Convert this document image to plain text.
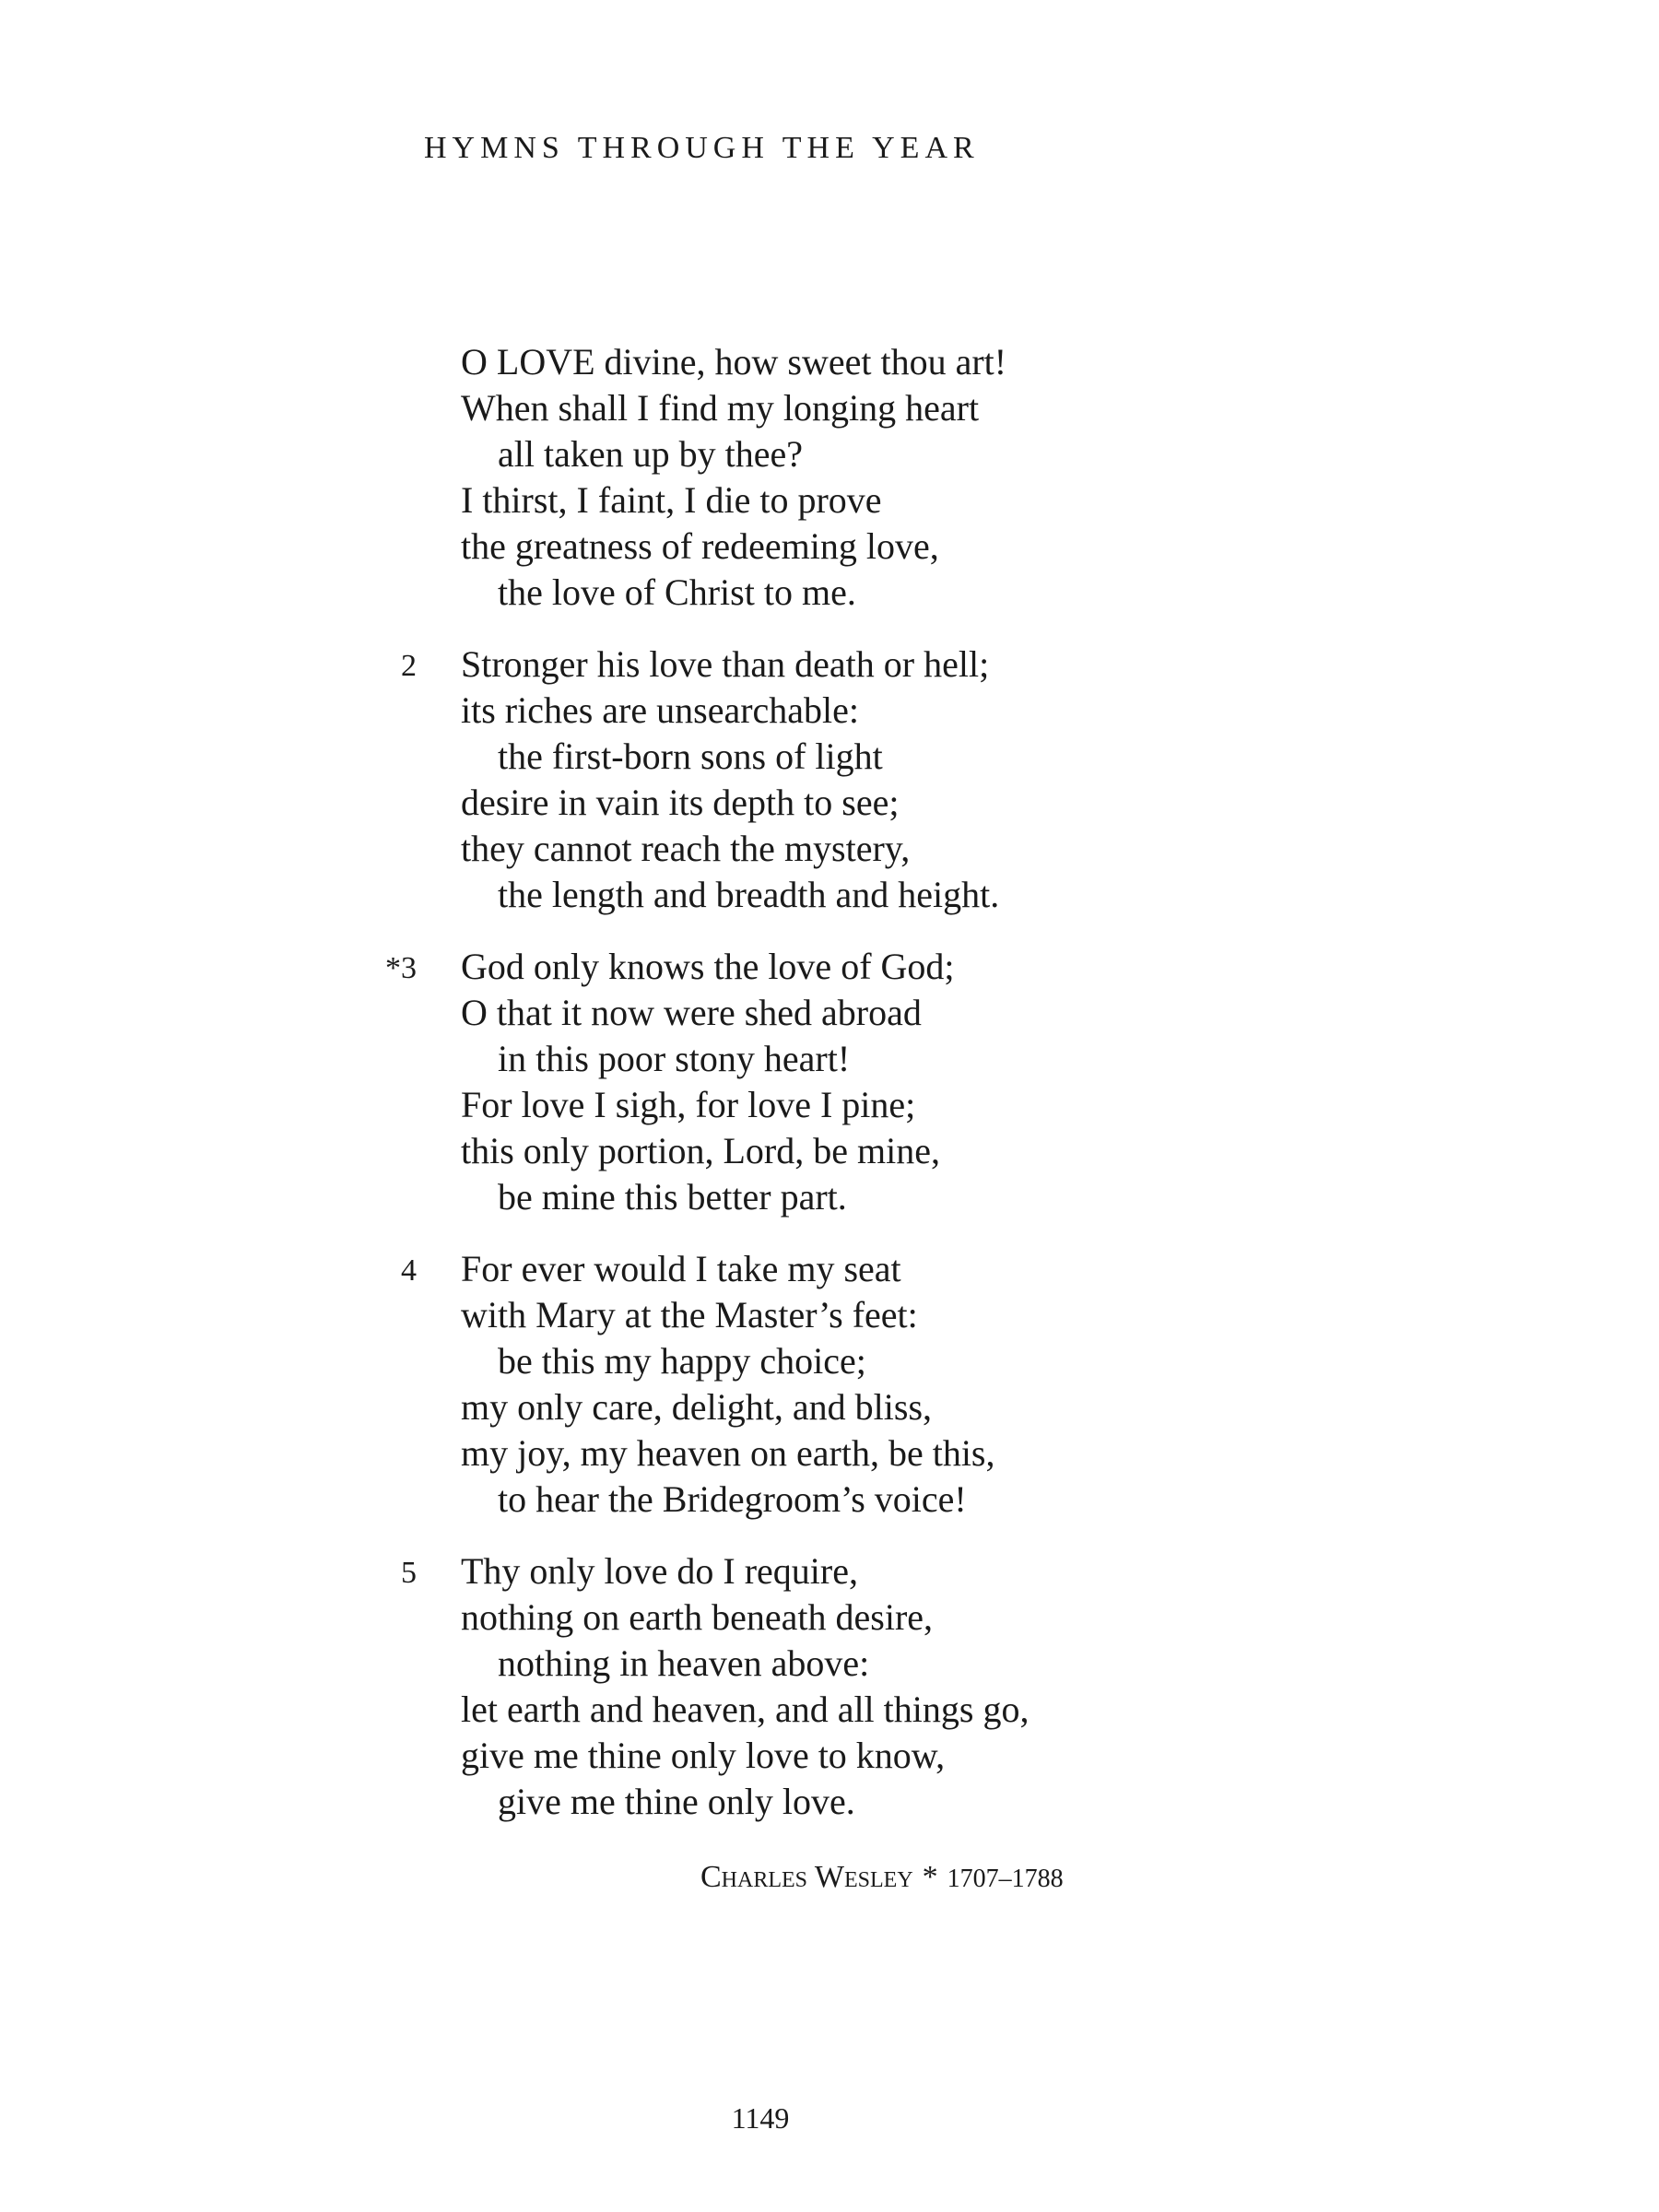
HYMNS THROUGH THE YEAR
O LOVE divine, how sweet thou art!
When shall I find my longing heart
all taken up by thee?
I thirst, I faint, I die to prove
the greatness of redeeming love,
the love of Christ to me.
2 Stronger his love than death or hell;
its riches are unsearchable:
the first-born sons of light
desire in vain its depth to see;
they cannot reach the mystery,
the length and breadth and height.
*3 God only knows the love of God;
O that it now were shed abroad
in this poor stony heart!
For love I sigh, for love I pine;
this only portion, Lord, be mine,
be mine this better part.
4 For ever would I take my seat
with Mary at the Master’s feet:
be this my happy choice;
my only care, delight, and bliss,
my joy, my heaven on earth, be this,
to hear the Bridegroom’s voice!
5 Thy only love do I require,
nothing on earth beneath desire,
nothing in heaven above:
let earth and heaven, and all things go,
give me thine only love to know,
give me thine only love.
Charles Wesley * 1707–1788
1149
